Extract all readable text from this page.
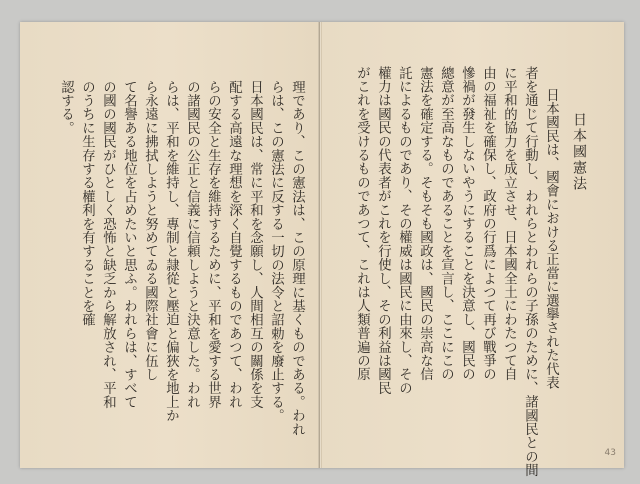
理であり、この憲法は、この原理に基くものである。われ
らは、この憲法に反する一切の法令と詔勅を廢止する。
日本國民は、常に平和を念願し、人間相互の關係を支
配する高遠な理想を深く自覺するものであつて、われ
らの安全と生存を維持するために、平和を愛する世界
の諸國民の公正と信義に信頼しようと決意した。われ
らは、平和を維持し、專制と隷從と壓迫と偏狹を地上か
ら永遠に拂拭しようと努めてゐる國際社會に伍し
て名譽ある地位を占めたいと思ふ。われらは、すべて
の國の國民がひとしく恐怖と缺乏から解放され、平和
のうちに生存する權利を有することを確
認する。
日本國憲法
日本國民は、國會における正當に選擧された代表
者を通じて行動し、われらとわれらの子孫のために、諸國民との間
に平和的協力を成立させ、日本國全土にわたつて自
由の福祉を確保し、政府の行爲によつて再び戰爭の
慘禍が發生しないやうにすることを決意し、國民の
總意が至高なものであることを宣言し、ここにこの
憲法を確定する。そもそも國政は、國民の崇高な信
託によるものであり、その權威は國民に由來し、その
權力は國民の代表者がこれを行使し、その利益は國民
がこれを受けるものであつて、これは人類普遍の原
43
